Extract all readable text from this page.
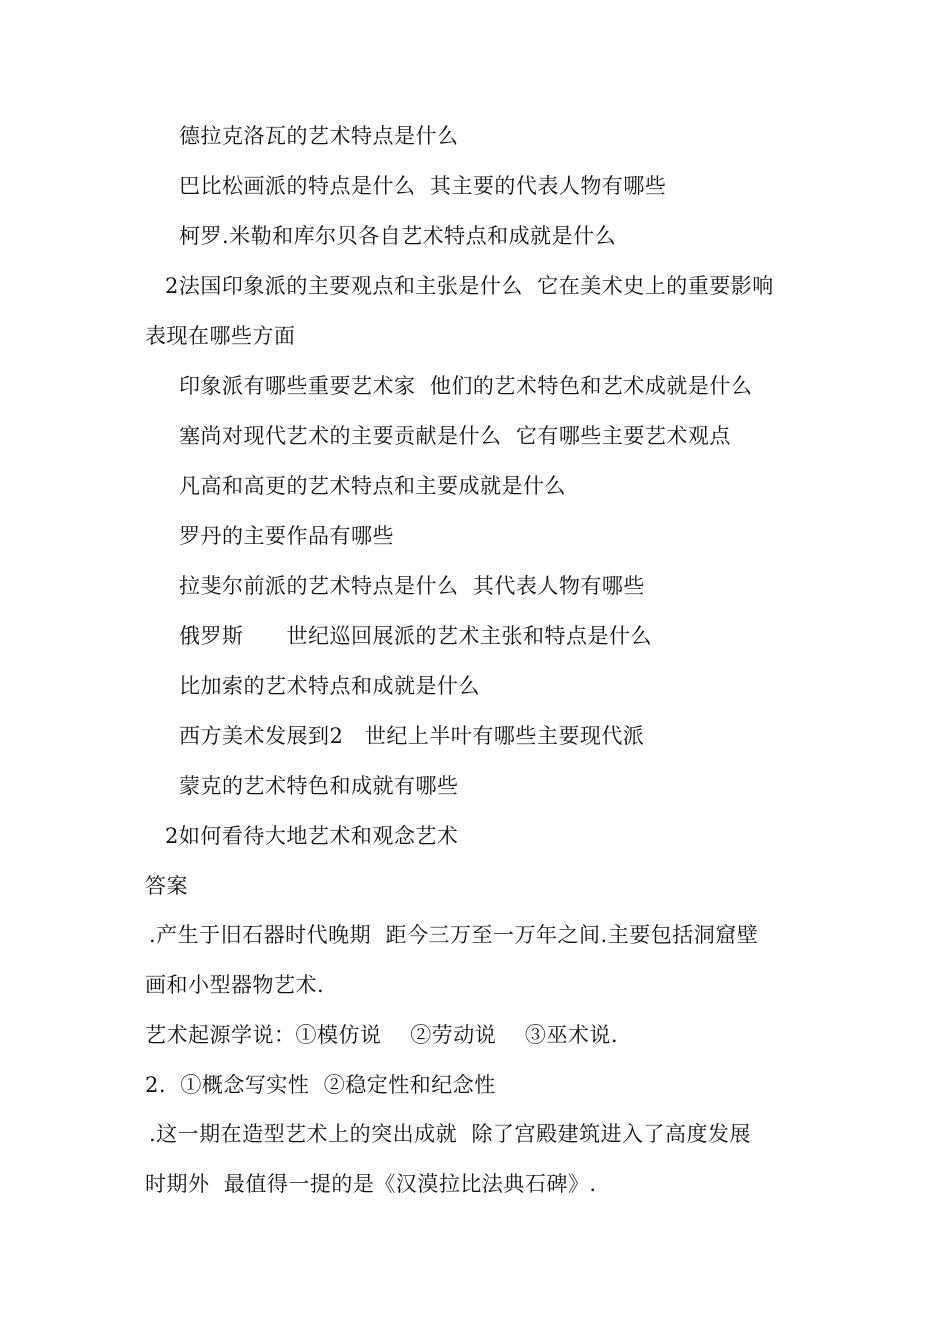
德拉克洛瓦的艺术特点是什么
巴比松画派的特点是什么  其主要的代表人物有哪些
柯罗.米勒和库尔贝各自艺术特点和成就是什么
2法国印象派的主要观点和主张是什么  它在美术史上的重要影响
表现在哪些方面
印象派有哪些重要艺术家  他们的艺术特色和艺术成就是什么
塞尚对现代艺术的主要贡献是什么  它有哪些主要艺术观点
凡高和高更的艺术特点和主要成就是什么
罗丹的主要作品有哪些
拉斐尔前派的艺术特点是什么  其代表人物有哪些
俄罗斯      世纪巡回展派的艺术主张和特点是什么
比加索的艺术特点和成就是什么
西方美术发展到2   世纪上半叶有哪些主要现代派
蒙克的艺术特色和成就有哪些
2如何看待大地艺术和观念艺术
答案
.产生于旧石器时代晚期  距今三万至一万年之间.主要包括洞窟壁
画和小型器物艺术.
艺术起源学说：①模仿说    ②劳动说    ③巫术说.
2.  ①概念写实性  ②稳定性和纪念性
.这一期在造型艺术上的突出成就  除了宫殿建筑进入了高度发展
时期外  最值得一提的是《汉漠拉比法典石碑》.
